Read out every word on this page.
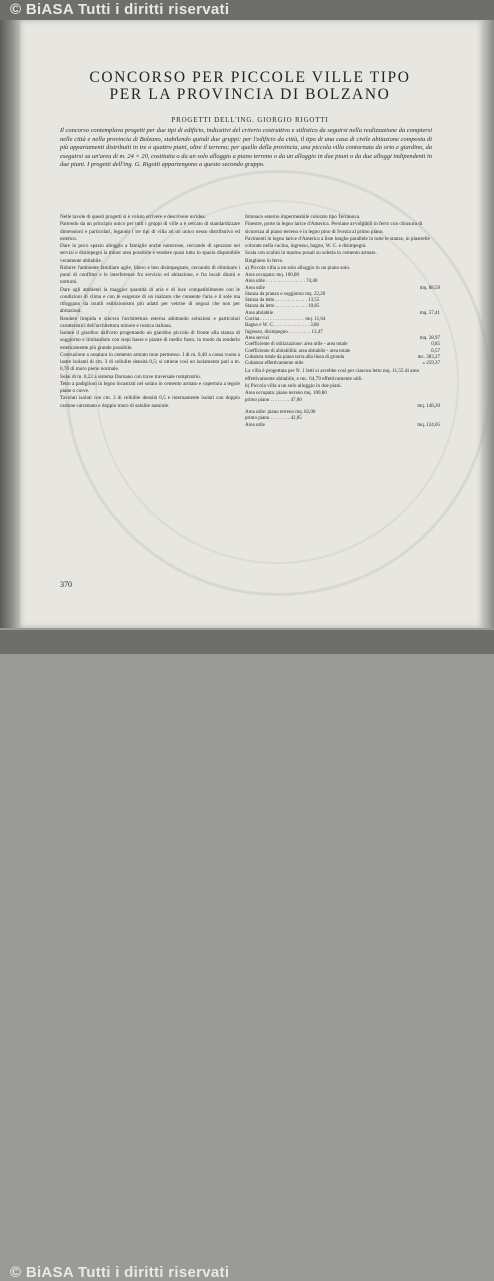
© BiASA Tutti i diritti riservati
CONCORSO PER PICCOLE VILLE TIPO
PER LA PROVINCIA DI BOLZANO
PROGETTI DELL'ING. GIORGIO RIGOTTI
Il concorso contemplava progetti per due tipi di edificio, indicativi del criterio costruttivo e stilistico da seguirsi nella realizzazione da compiersi nelle città e nella provincia di Bolzano, stabilendo quindi due gruppi: per l'edificio da città, il tipo di una casa di civile abitazione composta di più appartamenti distribuiti in tre o quattro piani, oltre il terreno; per quello della provincia, una piccola villa contornata da orto e giardino, da eseguirsi su un'area di m. 24 × 20, costituita o da un solo alloggio a piano terreno o da un alloggio in due piani o da due alloggi indipendenti in due piani. I progetti dell'ing. G. Rigotti appartengono a questo secondo gruppo.

Nelle tavole di questi progetti si è voluto scrivere e descrivere un'idea.

Partendo da un principio unico per tutti i gruppi di ville a è cercato di standardizzare dimensioni e particolari, legando i tre tipi di villa ad un unico nesso distributivo ed estetico.

Dare in poco spazio alloggio a famiglie anche numerose, cercando di spezzare nei servizi e disimpegni la minor area possibile e rendere quasi tutto lo spazio disponibile veramente abitabile.

Ridurre l'ambiente familiare agile, libero e ben disimpegnato, cercando di eliminare i punti di conflitto e le interferenze fra servizio ed abitazione, e fra locali diurni e notturni.

Dare agli ambienti la maggior quantità di aria e di luce compatibilmente con le condizioni di clima e con le esigenze di un inalzato che consente l'aria e il sole ma rifuggano da inutili esibizionismi più adatti per vetrine di negozi che non per abitazioni.

Rendere limpida e sincera l'architettura esterna adottando soluzioni e particolari caratteristici dell'architettura minore e rustica italiana.

Isolare il giardino dall'orto progettando un giardino piccolo di fronte alla stanza di soggiorno e limitandolo con siepi basse e piante di medio fusto, in modo da renderlo esteticamente più grande possibile.

Costruzione a ossatura in cemento armato mun permesso. I di m. 0,40 a cassa vuota a lastre isolanti di cm. 3 di cellulite densità 0,5; si ottiene così un isolamento pari a m. 0,70 di muro pieno normale.

Solai di m. 0,22 a sistema Dornano con trave traversale romptratrio.

Tetto a padiglioni in legno incastrati nel solaio in cemento armato e copertura a tegole piane o curve.

Tavolati isolati con cm. 3 di cellulite densità 0,5 e internamente isolati con doppio cartone catramato e doppio muro di salulite naturale.

Intonaco esterno impermeabile colorato tipo Terranova.

Finestre, porte in legno larice d'America. Persiane avvolgibili in ferro con chiusura di sicurezza al piano terreno e in legno pino di Svezia al primo piano.

Pavimenti in legno larice d'America a liste lunghe parallele in tutte le stanze, in piastrelle colorate nella cucina, ingresso, bagno, W. C. e disimpegni.

Scala con scalini in marmo posati su soletta in cemento armato.

Ringhiere in ferro.

a) Piccola villa a un solo alloggio in un piano solo.

Area occupata: mq. 100,80	
Area utile . . . . . . . . . . . . . . . . 74,40	
Area utile	mq. 88,59
Stanza da pranzo e soggiorno mq. 22,20	
Stanza da letto . . . . . . . . . . . . . 13,55	
Stanza da letto . . . . . . . . . . . . . 10,85	
Area abitabile	mq. 57,41
Cucina . . . . . . . . . . . . . . . . . . mq. 11,64	
Bagno e W. C. . . . . . . . . . . . . . . 3,86	
Ingresso, disimpegno . . . . . . . . . 13,47	
Area servizi	mq. 28,97
Coefficiente di utilizzazione: area utile - area totale	0,85
Coefficiente di abitabilità: area abitabile - area totale	0,57
Cubatura totale da piano terra alla linea di gronda	mc. 383,27
Cubatura effettivamente utile	» 259,37

La villa è progettata per N. 1 letti si avrebbe così per ciascun letto mq. 11,55 di area effettivamente abitabile, e mc. 64,79 effettivamente utili.

b) Piccola villa a un solo alloggio in due piani.

Area occupata: piano terreno mq. 100,80	
primo piano . . . . . . . . 47,00	
	mq. 148,20
Area utile: piano terreno mq. 82,00	
primo piano . . . . . . . . 42,05	
Area utile	mq. 124,05
370
© BiASA Tutti i diritti riservati
